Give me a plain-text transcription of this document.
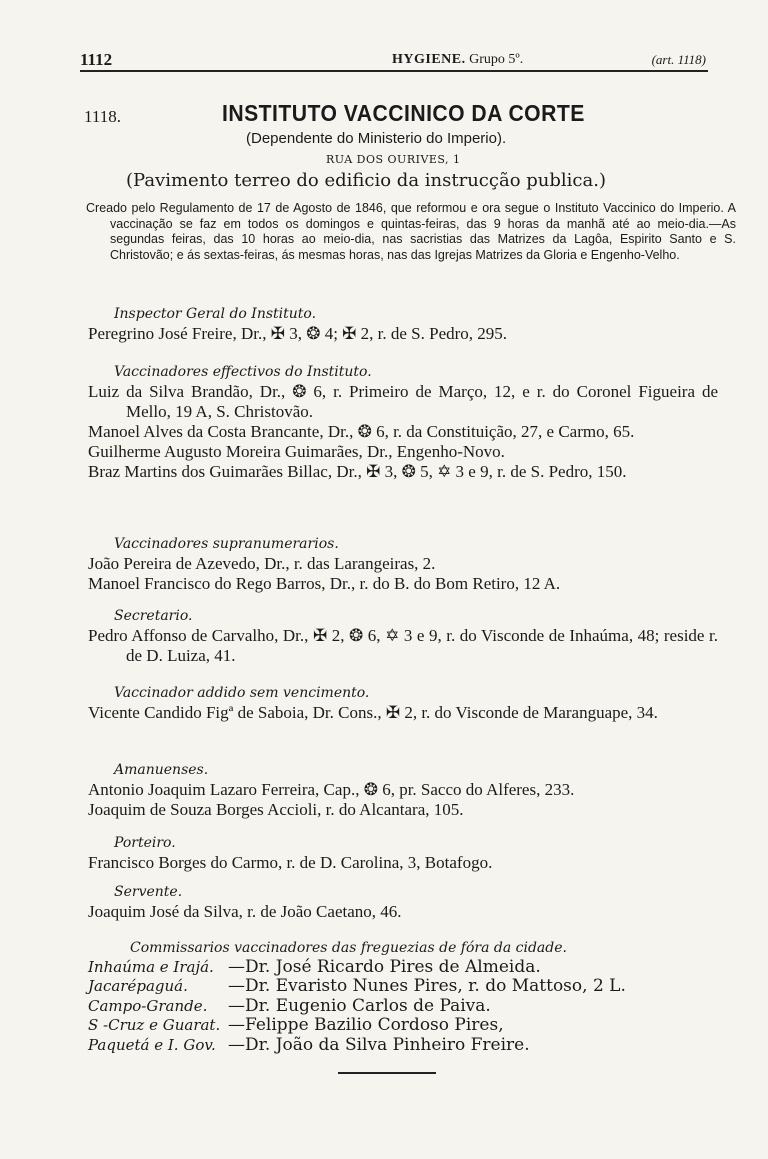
1112	HYGIENE. Grupo 5º.	(art. 1118)
1118.	INSTITUTO VACCINICO DA CORTE
(Dependente do Ministerio do Imperio).
RUA DOS OURIVES, 1
(Pavimento terreo do edificio da instrucção publica.)
Creado pelo Regulamento de 17 de Agosto de 1846, que reformou e ora segue o Instituto Vaccinico do Imperio. A vaccinação se faz em todos os domingos e quintas-feiras, das 9 horas da manhã até ao meio-dia.—As segundas feiras, das 10 horas ao meio-dia, nas sacristias das Matrizes da Lagôa, Espirito Santo e S. Christovão; e ás sextas-feiras, ás mesmas horas, nas das Igrejas Matrizes da Gloria e Engenho-Velho.
Inspector Geral do Instituto.
Peregrino José Freire, Dr., ✠ 3, ❂ 4; ✠ 2, r. de S. Pedro, 295.
Vaccinadores effectivos do Instituto.
Luiz da Silva Brandão, Dr., ❂ 6, r. Primeiro de Março, 12, e r. do Coronel Figueira de Mello, 19 A, S. Christovão.
Manoel Alves da Costa Brancante, Dr., ❂ 6, r. da Constituição, 27, e Carmo, 65.
Guilherme Augusto Moreira Guimarães, Dr., Engenho-Novo.
Braz Martins dos Guimarães Billac, Dr., ✠ 3, ❂ 5, ✡ 3 e 9, r. de S. Pedro, 150.
Vaccinadores supranumerarios.
João Pereira de Azevedo, Dr., r. das Larangeiras, 2.
Manoel Francisco do Rego Barros, Dr., r. do B. do Bom Retiro, 12 A.
Secretario.
Pedro Affonso de Carvalho, Dr., ✠ 2, ❂ 6, ✡ 3 e 9, r. do Visconde de Inhaúma, 48; reside r. de D. Luiza, 41.
Vaccinador addido sem vencimento.
Vicente Candido Figª de Saboia, Dr. Cons., ✠ 2, r. do Visconde de Maranguape, 34.
Amanuenses.
Antonio Joaquim Lazaro Ferreira, Cap., ❂ 6, pr. Sacco do Alferes, 233.
Joaquim de Souza Borges Accioli, r. do Alcantara, 105.
Porteiro.
Francisco Borges do Carmo, r. de D. Carolina, 3, Botafogo.
Servente.
Joaquim José da Silva, r. de João Caetano, 46.
Commissarios vaccinadores das freguezias de fóra da cidade.
Inhaúma e Irajá. —Dr. José Ricardo Pires de Almeida.
Jacarépaguá. —Dr. Evaristo Nunes Pires, r. do Mattoso, 2 L.
Campo-Grande. —Dr. Eugenio Carlos de Paiva.
S -Cruz e Guarat. —Felippe Bazilio Cordoso Pires,
Paquetá e I. Gov. —Dr. João da Silva Pinheiro Freire.
